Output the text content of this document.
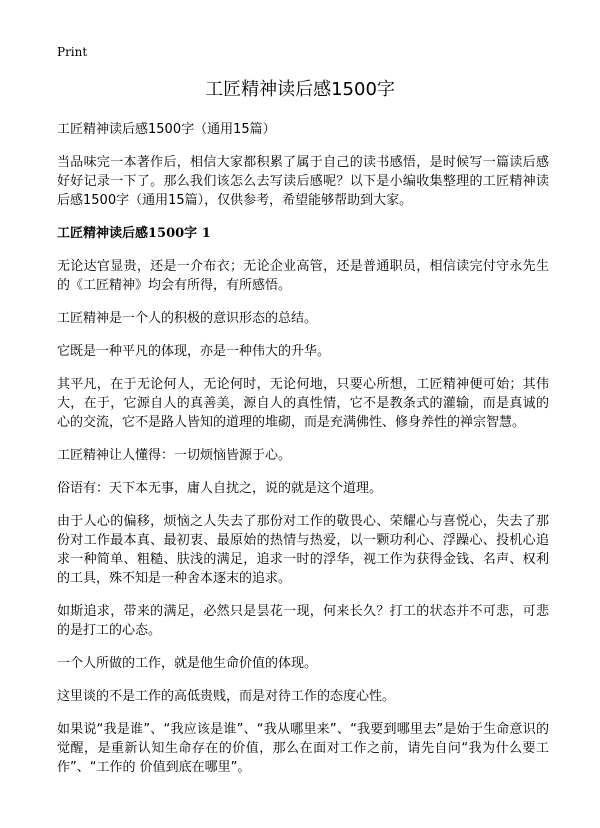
Print
工匠精神读后感1500字

工匠精神读后感1500字（通用15篇）

当品味完一本著作后，相信大家都积累了属于自己的读书感悟，是时候写一篇读后感好好记录一下了。那么我们该怎么去写读后感呢？以下是小编收集整理的工匠精神读后感1500字（通用15篇），仅供参考，希望能够帮助到大家。

工匠精神读后感1500字 1

无论达官显贵，还是一介布衣；无论企业高管，还是普通职员，相信读完付守永先生的《工匠精神》均会有所得，有所感悟。

工匠精神是一个人的积极的意识形态的总结。

它既是一种平凡的体现，亦是一种伟大的升华。

其平凡，在于无论何人，无论何时，无论何地，只要心所想，工匠精神便可始；其伟大，在于，它源自人的真善美，源自人的真性情，它不是教条式的灌输，而是真诚的心的交流，它不是路人皆知的道理的堆砌，而是充满佛性、修身养性的禅宗智慧。

工匠精神让人懂得：一切烦恼皆源于心。

俗语有：天下本无事，庸人自扰之，说的就是这个道理。

由于人心的偏移，烦恼之人失去了那份对工作的敬畏心、荣耀心与喜悦心，失去了那份对工作最本真、最初衷、最原始的热情与热爱，以一颗功利心、浮躁心、投机心追求一种简单、粗糙、肤浅的满足，追求一时的浮华，视工作为获得金钱、名声、权利的工具，殊不知是一种舍本逐末的追求。

如斯追求，带来的满足，必然只是昙花一现，何来长久？打工的状态并不可悲，可悲的是打工的心态。

一个人所做的工作，就是他生命价值的体现。

这里谈的不是工作的高低贵贱，而是对待工作的态度心性。

如果说“我是谁”、“我应该是谁”、“我从哪里来”、“我要到哪里去”是始于生命意识的觉醒，是重新认知生命存在的价值，那么在面对工作之前，请先自问“我为什么要工作”、“工作的 价值到底在哪里”。
